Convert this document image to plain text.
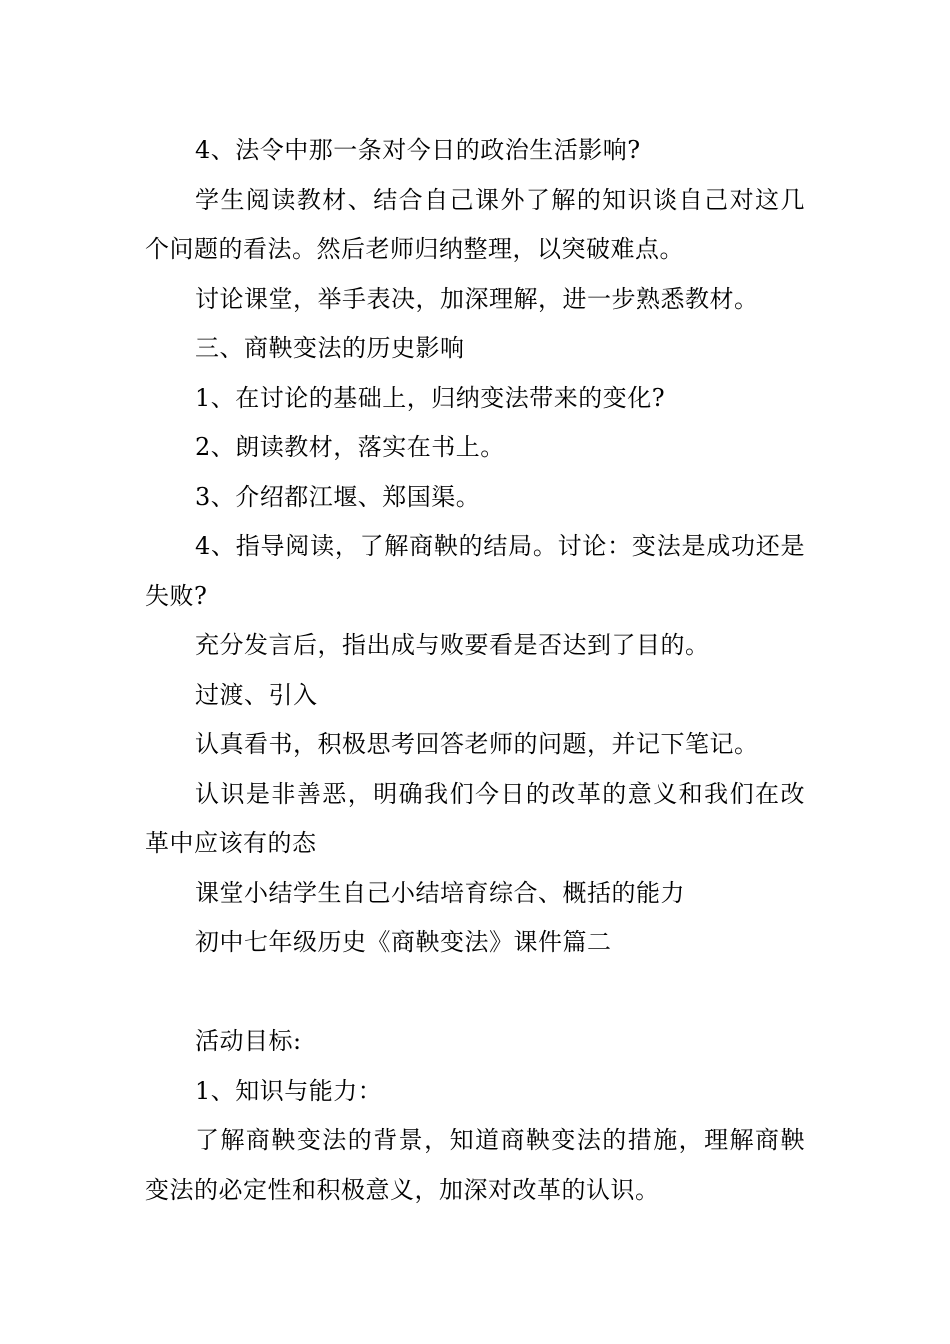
4、法令中那一条对今日的政治生活影响?

学生阅读教材、结合自己课外了解的知识谈自己对这几个问题的看法。然后老师归纳整理，以突破难点。

讨论课堂，举手表决，加深理解，进一步熟悉教材。

三、商鞅变法的历史影响

1、在讨论的基础上，归纳变法带来的变化?

2、朗读教材，落实在书上。

3、介绍都江堰、郑国渠。

4、指导阅读，了解商鞅的结局。讨论：变法是成功还是失败?

充分发言后，指出成与败要看是否达到了目的。

过渡、引入

认真看书，积极思考回答老师的问题，并记下笔记。

认识是非善恶，明确我们今日的改革的意义和我们在改革中应该有的态

课堂小结学生自己小结培育综合、概括的能力

初中七年级历史《商鞅变法》课件篇二

活动目标:

1、知识与能力：

了解商鞅变法的背景，知道商鞅变法的措施，理解商鞅变法的必定性和积极意义，加深对改革的认识。
